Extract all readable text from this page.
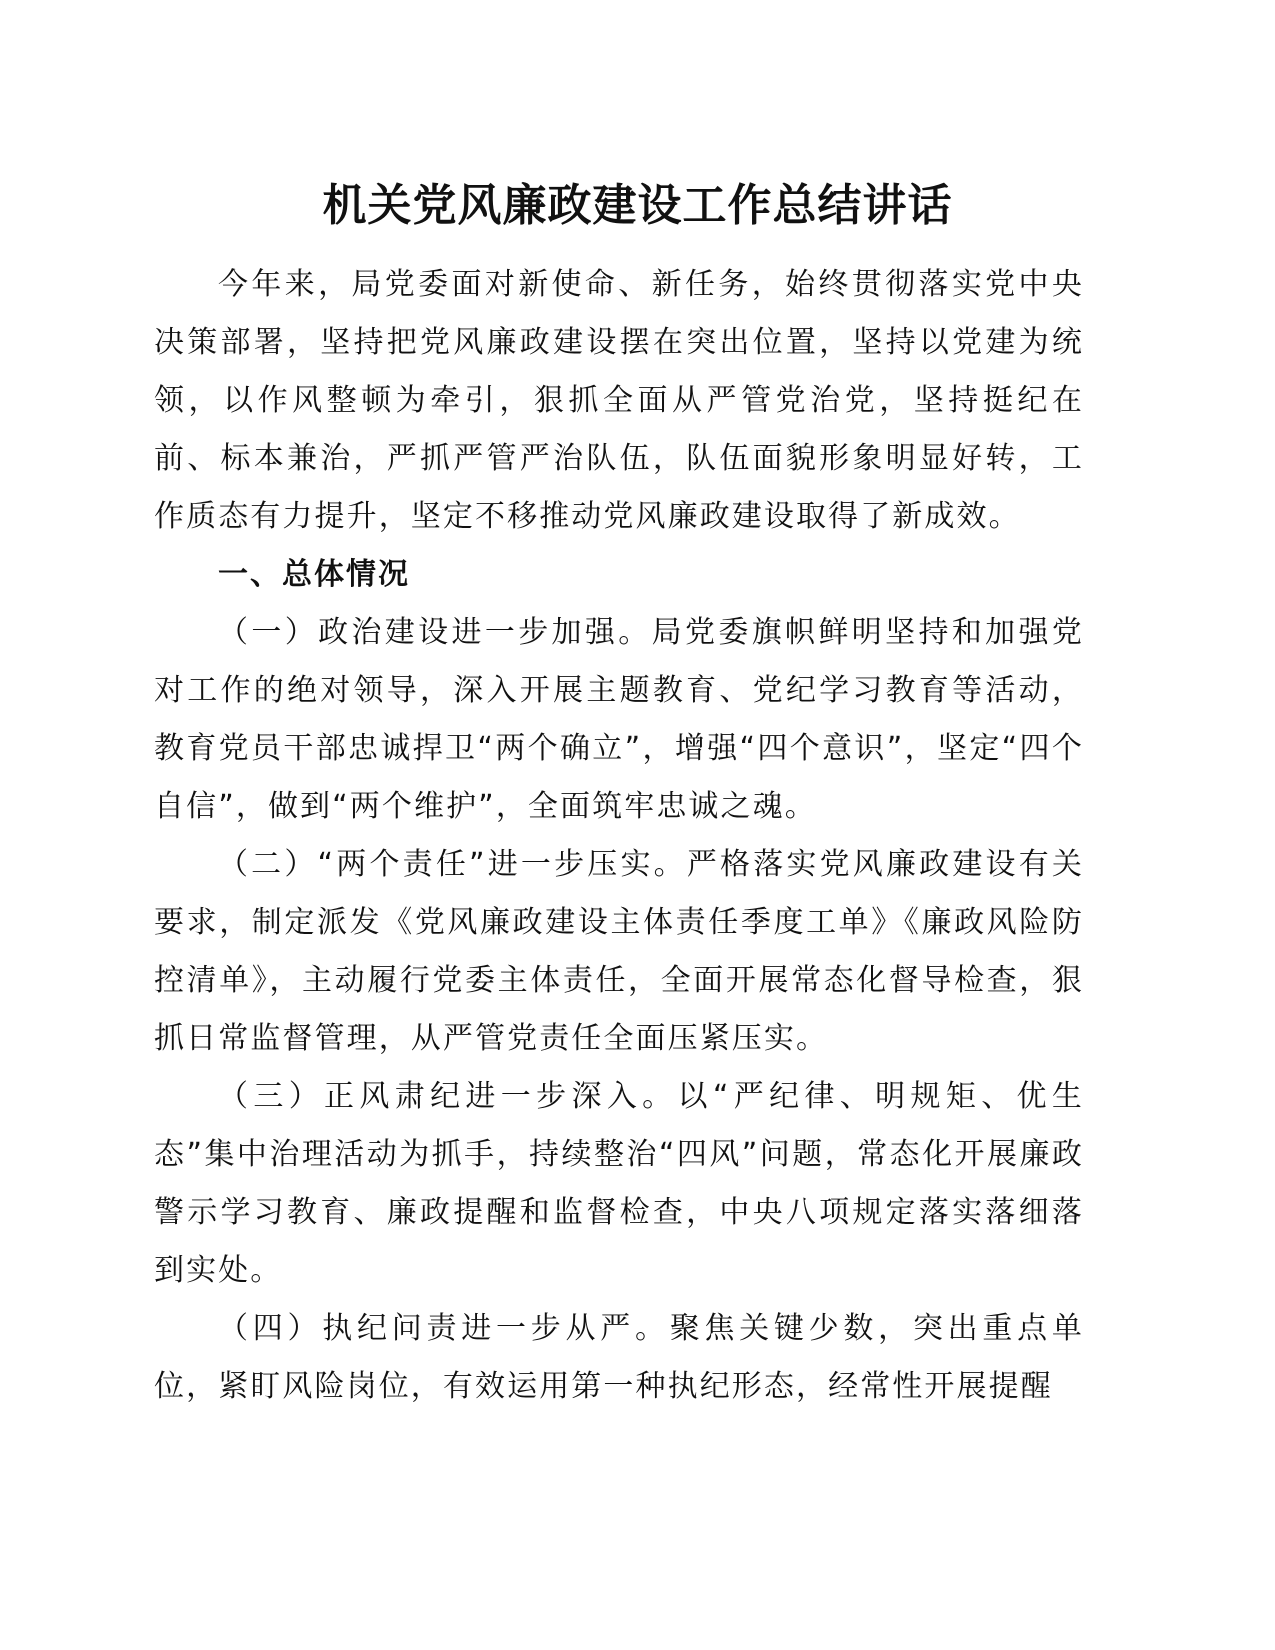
机关党风廉政建设工作总结讲话

今年来，局党委面对新使命、新任务，始终贯彻落实党中央决策部署，坚持把党风廉政建设摆在突出位置，坚持以党建为统领，以作风整顿为牵引，狠抓全面从严管党治党，坚持挺纪在前、标本兼治，严抓严管严治队伍，队伍面貌形象明显好转，工作质态有力提升，坚定不移推动党风廉政建设取得了新成效。

一、总体情况

（一）政治建设进一步加强。局党委旗帜鲜明坚持和加强党对工作的绝对领导，深入开展主题教育、党纪学习教育等活动，教育党员干部忠诚捍卫“两个确立”，增强“四个意识”，坚定“四个自信”，做到“两个维护”，全面筑牢忠诚之魂。

（二）“两个责任”进一步压实。严格落实党风廉政建设有关要求，制定派发《党风廉政建设主体责任季度工单》《廉政风险防控清单》，主动履行党委主体责任，全面开展常态化督导检查，狠抓日常监督管理，从严管党责任全面压紧压实。

（三）正风肃纪进一步深入。以“严纪律、明规矩、优生态”集中治理活动为抓手，持续整治“四风”问题，常态化开展廉政警示学习教育、廉政提醒和监督检查，中央八项规定落实落细落到实处。

（四）执纪问责进一步从严。聚焦关键少数，突出重点单位，紧盯风险岗位，有效运用第一种执纪形态，经常性开展提醒
